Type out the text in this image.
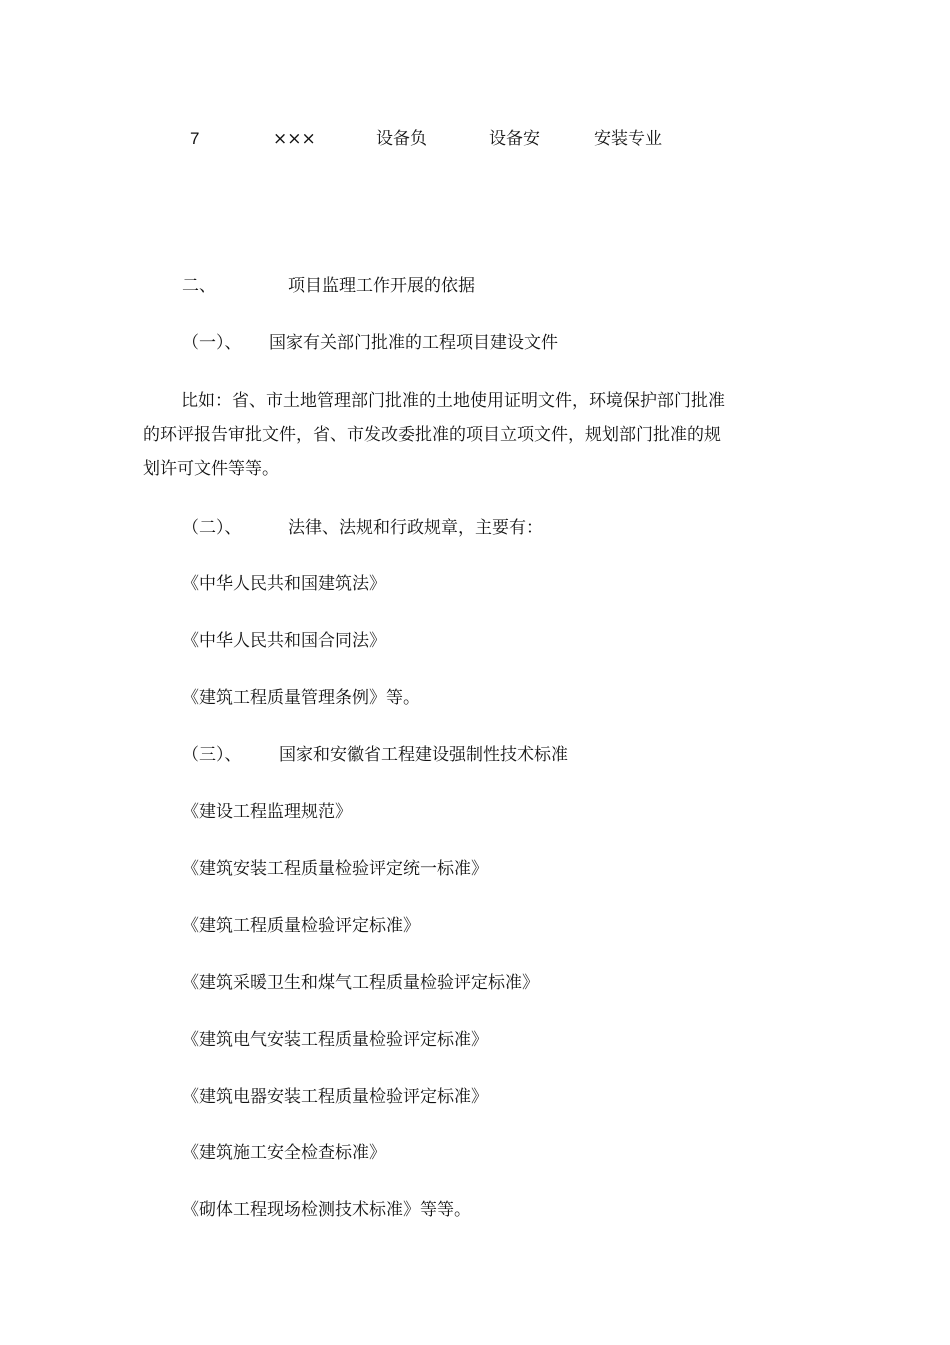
7	×××	设备负	设备安	安装专业
二、	项目监理工作开展的依据
（一）、 国家有关部门批准的工程项目建设文件
比如：省、市土地管理部门批准的土地使用证明文件，环境保护部门批准
的环评报告审批文件，省、市发改委批准的项目立项文件，规划部门批准的规
划许可文件等等。
（二）、	法律、法规和行政规章，主要有：
《中华人民共和国建筑法》
《中华人民共和国合同法》
《建筑工程质量管理条例》等。
（三）、 国家和安徽省工程建设强制性技术标准
《建设工程监理规范》
《建筑安装工程质量检验评定统一标准》
《建筑工程质量检验评定标准》
《建筑采暖卫生和煤气工程质量检验评定标准》
《建筑电气安装工程质量检验评定标准》
《建筑电器安装工程质量检验评定标准》
《建筑施工安全检查标准》
《砌体工程现场检测技术标准》等等。
